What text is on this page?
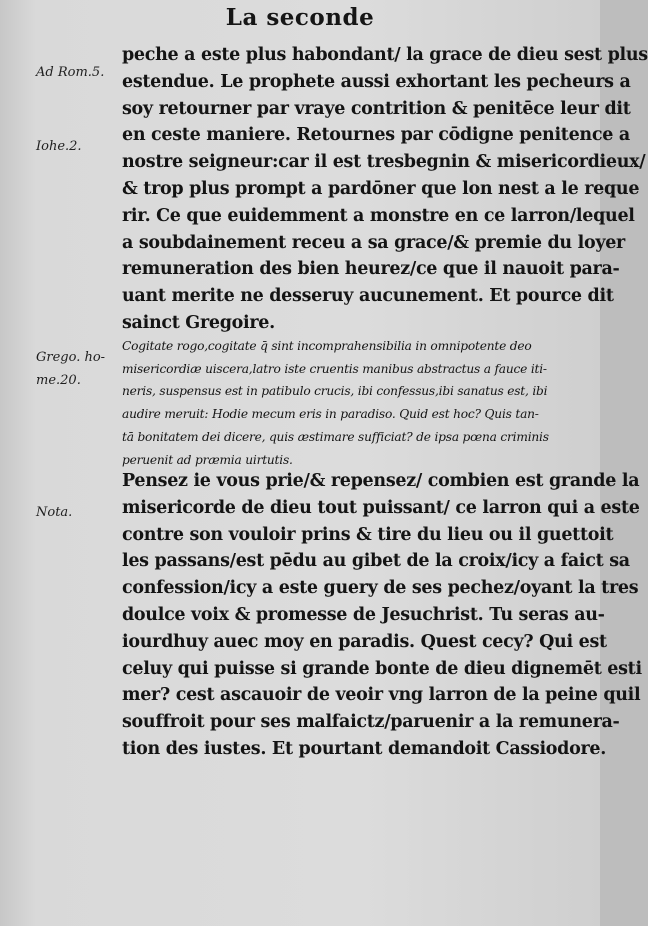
La seconde
Ad Rom.5.
Iohe.2.
Grego. ho-
me.20.
Nota.
peche a este plus habondant/ la grace de dieu sest plus
estendue. Le prophete aussi exhortant les pecheurs a
soy retourner par vraye contrition & penitēce leur dit
en ceste maniere. Retournes par cōdigne penitence a
nostre seigneur:car il est tresbegnin & misericordieux/
& trop plus prompt a pardōner que lon nest a le reque
rir. Ce que euidemment a monstre en ce larron/lequel
a soubdainement receu a sa grace/& premie du loyer
remuneration des bien heurez/ce que il nauoit para-
uant merite ne desseruy aucunement. Et pource dit
sainct Gregoire.
Cogitate rogo,cogitate q̄ sint incomprahensibilia in omnipotente deo
misericordiæ uiscera,latro iste cruentis manibus abstractus a fauce iti-
neris, suspensus est in patibulo crucis, ibi confessus,ibi sanatus est, ibi
audire meruit: Hodie mecum eris in paradiso. Quid est hoc? Quis tan-
tā bonitatem dei dicere, quis æstimare sufficiat? de ipsa pœna criminis
peruenit ad præmia uirtutis.
Pensez ie vous prie/& repensez/ combien est grande la
misericorde de dieu tout puissant/ ce larron qui a este
contre son vouloir prins & tire du lieu ou il guettoit
les passans/est pēdu au gibet de la croix/icy a faict sa
confession/icy a este guery de ses pechez/oyant la tres
doulce voix & promesse de Jesuchrist. Tu seras au-
iourdhuy auec moy en paradis. Quest cecy? Qui est
celuy qui puisse si grande bonte de dieu dignemēt esti
mer? cest ascauoir de veoir vng larron de la peine quil
souffroit pour ses malfaictz/paruenir a la remunera-
tion des iustes. Et pourtant demandoit Cassiodore.
